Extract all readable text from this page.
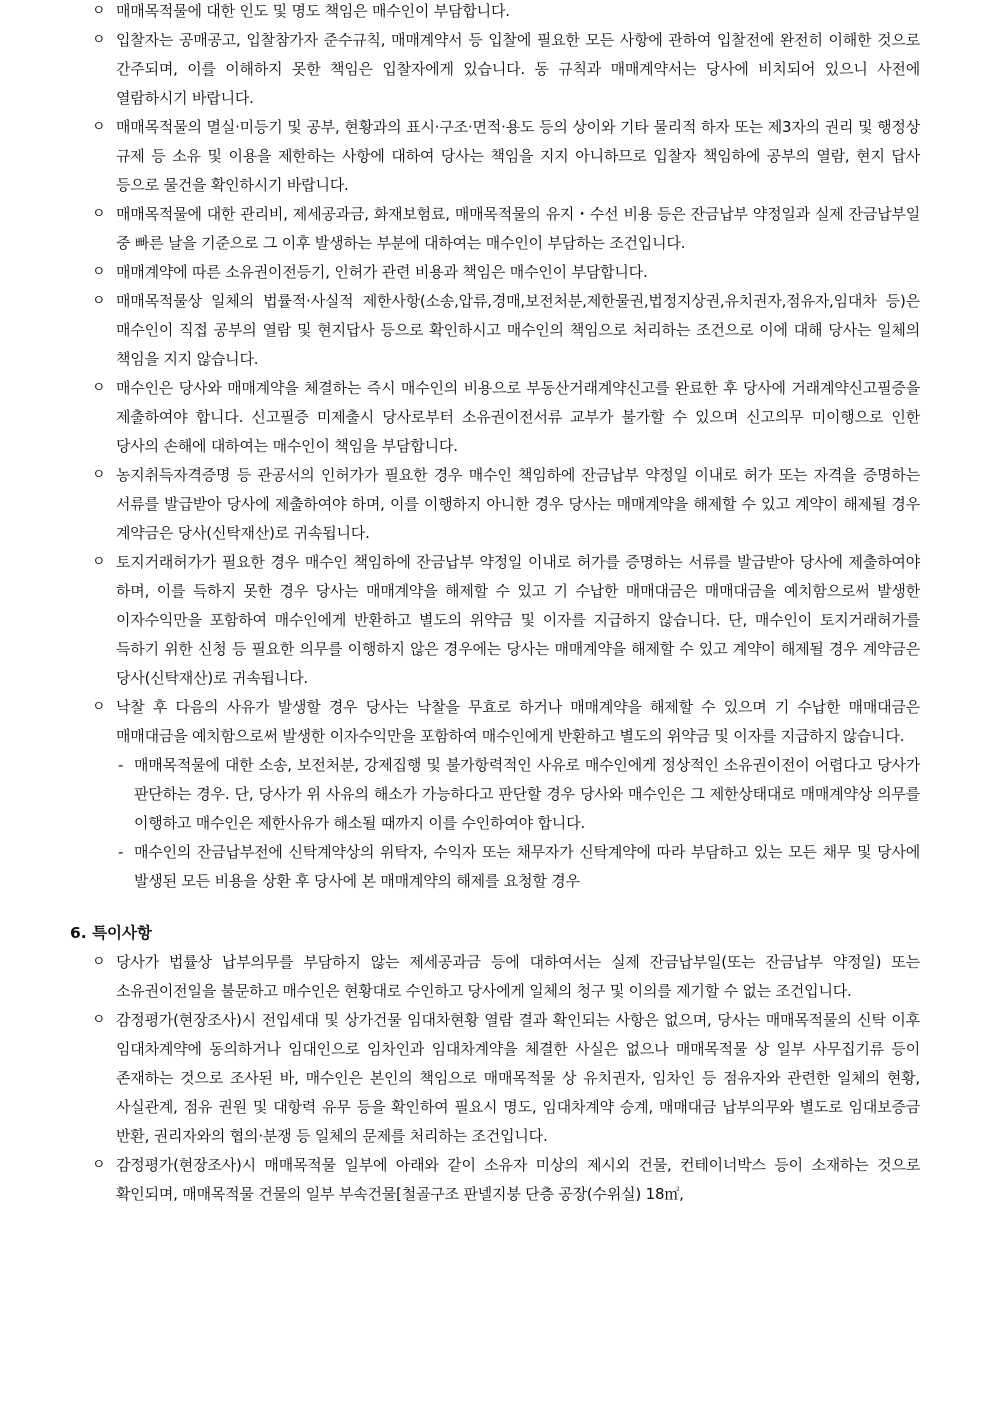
ㅇ 매매목적물에 대한 인도 및 명도 책임은 매수인이 부담합니다.
ㅇ 입찰자는 공매공고, 입찰참가자 준수규칙, 매매계약서 등 입찰에 필요한 모든 사항에 관하여 입찰전에 완전히 이해한 것으로 간주되며, 이를 이해하지 못한 책임은 입찰자에게 있습니다. 동 규칙과 매매계약서는 당사에 비치되어 있으니 사전에 열람하시기 바랍니다.
ㅇ 매매목적물의 멸실·미등기 및 공부, 현황과의 표시·구조·면적·용도 등의 상이와 기타 물리적 하자 또는 제3자의 권리 및 행정상 규제 등 소유 및 이용을 제한하는 사항에 대하여 당사는 책임을 지지 아니하므로 입찰자 책임하에 공부의 열람, 현지 답사 등으로 물건을 확인하시기 바랍니다.
ㅇ 매매목적물에 대한 관리비, 제세공과금, 화재보험료, 매매목적물의 유지・수선 비용 등은 잔금납부 약정일과 실제 잔금납부일 중 빠른 날을 기준으로 그 이후 발생하는 부분에 대하여는 매수인이 부담하는 조건입니다.
ㅇ 매매계약에 따른 소유권이전등기, 인허가 관련 비용과 책임은 매수인이 부담합니다.
ㅇ 매매목적물상 일체의 법률적·사실적 제한사항(소송,압류,경매,보전처분,제한물권,법정지상권,유치권자,점유자,임대차 등)은 매수인이 직접 공부의 열람 및 현지답사 등으로 확인하시고 매수인의 책임으로 처리하는 조건으로 이에 대해 당사는 일체의 책임을 지지 않습니다.
ㅇ 매수인은 당사와 매매계약을 체결하는 즉시 매수인의 비용으로 부동산거래계약신고를 완료한 후 당사에 거래계약신고필증을 제출하여야 합니다. 신고필증 미제출시 당사로부터 소유권이전서류 교부가 불가할 수 있으며 신고의무 미이행으로 인한 당사의 손해에 대하여는 매수인이 책임을 부담합니다.
ㅇ 농지취득자격증명 등 관공서의 인허가가 필요한 경우 매수인 책임하에 잔금납부 약정일 이내로 허가 또는 자격을 증명하는 서류를 발급받아 당사에 제출하여야 하며, 이를 이행하지 아니한 경우 당사는 매매계약을 해제할 수 있고 계약이 해제될 경우 계약금은 당사(신탁재산)로 귀속됩니다.
ㅇ 토지거래허가가 필요한 경우 매수인 책임하에 잔금납부 약정일 이내로 허가를 증명하는 서류를 발급받아 당사에 제출하여야 하며, 이를 득하지 못한 경우 당사는 매매계약을 해제할 수 있고 기 수납한 매매대금은 매매대금을 예치함으로써 발생한 이자수익만을 포함하여 매수인에게 반환하고 별도의 위약금 및 이자를 지급하지 않습니다. 단, 매수인이 토지거래허가를 득하기 위한 신청 등 필요한 의무를 이행하지 않은 경우에는 당사는 매매계약을 해제할 수 있고 계약이 해제될 경우 계약금은 당사(신탁재산)로 귀속됩니다.
ㅇ 낙찰 후 다음의 사유가 발생할 경우 당사는 낙찰을 무효로 하거나 매매계약을 해제할 수 있으며 기 수납한 매매대금은 매매대금을 예치함으로써 발생한 이자수익만을 포함하여 매수인에게 반환하고 별도의 위약금 및 이자를 지급하지 않습니다.
- 매매목적물에 대한 소송, 보전처분, 강제집행 및 불가항력적인 사유로 매수인에게 정상적인 소유권이전이 어렵다고 당사가 판단하는 경우. 단, 당사가 위 사유의 해소가 가능하다고 판단할 경우 당사와 매수인은 그 제한상태대로 매매계약상 의무를 이행하고 매수인은 제한사유가 해소될 때까지 이를 수인하여야 합니다.
- 매수인의 잔금납부전에 신탁계약상의 위탁자, 수익자 또는 채무자가 신탁계약에 따라 부담하고 있는 모든 채무 및 당사에 발생된 모든 비용을 상환 후 당사에 본 매매계약의 해제를 요청할 경우
6. 특이사항
ㅇ 당사가 법률상 납부의무를 부담하지 않는 제세공과금 등에 대하여서는 실제 잔금납부일(또는 잔금납부 약정일) 또는 소유권이전일을 불문하고 매수인은 현황대로 수인하고 당사에게 일체의 청구 및 이의를 제기할 수 없는 조건입니다.
ㅇ 감정평가(현장조사)시 전입세대 및 상가건물 임대차현황 열람 결과 확인되는 사항은 없으며, 당사는 매매목적물의 신탁 이후 임대차계약에 동의하거나 임대인으로 임차인과 임대차계약을 체결한 사실은 없으나 매매목적물 상 일부 사무집기류 등이 존재하는 것으로 조사된 바, 매수인은 본인의 책임으로 매매목적물 상 유치권자, 임차인 등 점유자와 관련한 일체의 현황, 사실관계, 점유 권원 및 대항력 유무 등을 확인하여 필요시 명도, 임대차계약 승계, 매매대금 납부의무와 별도로 임대보증금 반환, 권리자와의 협의·분쟁 등 일체의 문제를 처리하는 조건입니다.
ㅇ 감정평가(현장조사)시 매매목적물 일부에 아래와 같이 소유자 미상의 제시외 건물, 컨테이너박스 등이 소재하는 것으로 확인되며, 매매목적물 건물의 일부 부속건물[철골구조 판넬지붕 단층 공장(수위실) 18㎡,
